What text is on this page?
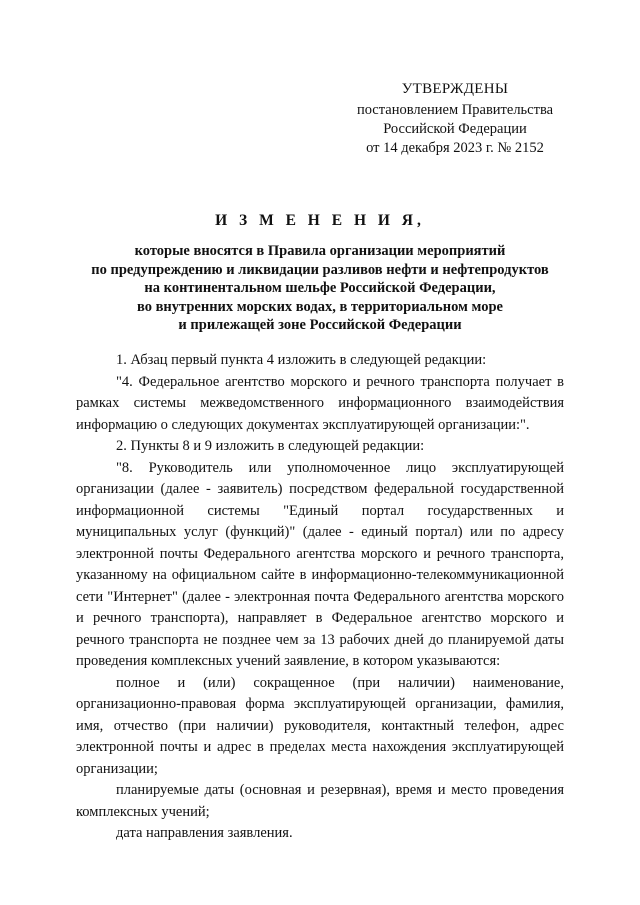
УТВЕРЖДЕНЫ
постановлением Правительства
Российской Федерации
от 14 декабря 2023 г. № 2152
И З М Е Н Е Н И Я,
которые вносятся в Правила организации мероприятий
по предупреждению и ликвидации разливов нефти и нефтепродуктов
на континентальном шельфе Российской Федерации,
во внутренних морских водах, в территориальном море
и прилежащей зоне Российской Федерации

1. Абзац первый пункта 4 изложить в следующей редакции:

"4. Федеральное агентство морского и речного транспорта получает в рамках системы межведомственного информационного взаимодействия информацию о следующих документах эксплуатирующей организации:".

2. Пункты 8 и 9 изложить в следующей редакции:

"8. Руководитель или уполномоченное лицо эксплуатирующей организации (далее - заявитель) посредством федеральной государственной информационной системы "Единый портал государственных и муниципальных услуг (функций)" (далее - единый портал) или по адресу электронной почты Федерального агентства морского и речного транспорта, указанному на официальном сайте в информационно-телекоммуникационной сети "Интернет" (далее - электронная почта Федерального агентства морского и речного транспорта), направляет в Федеральное агентство морского и речного транспорта не позднее чем за 13 рабочих дней до планируемой даты проведения комплексных учений заявление, в котором указываются:

полное и (или) сокращенное (при наличии) наименование, организационно-правовая форма эксплуатирующей организации, фамилия, имя, отчество (при наличии) руководителя, контактный телефон, адрес электронной почты и адрес в пределах места нахождения эксплуатирующей организации;

планируемые даты (основная и резервная), время и место проведения комплексных учений;

дата направления заявления.
